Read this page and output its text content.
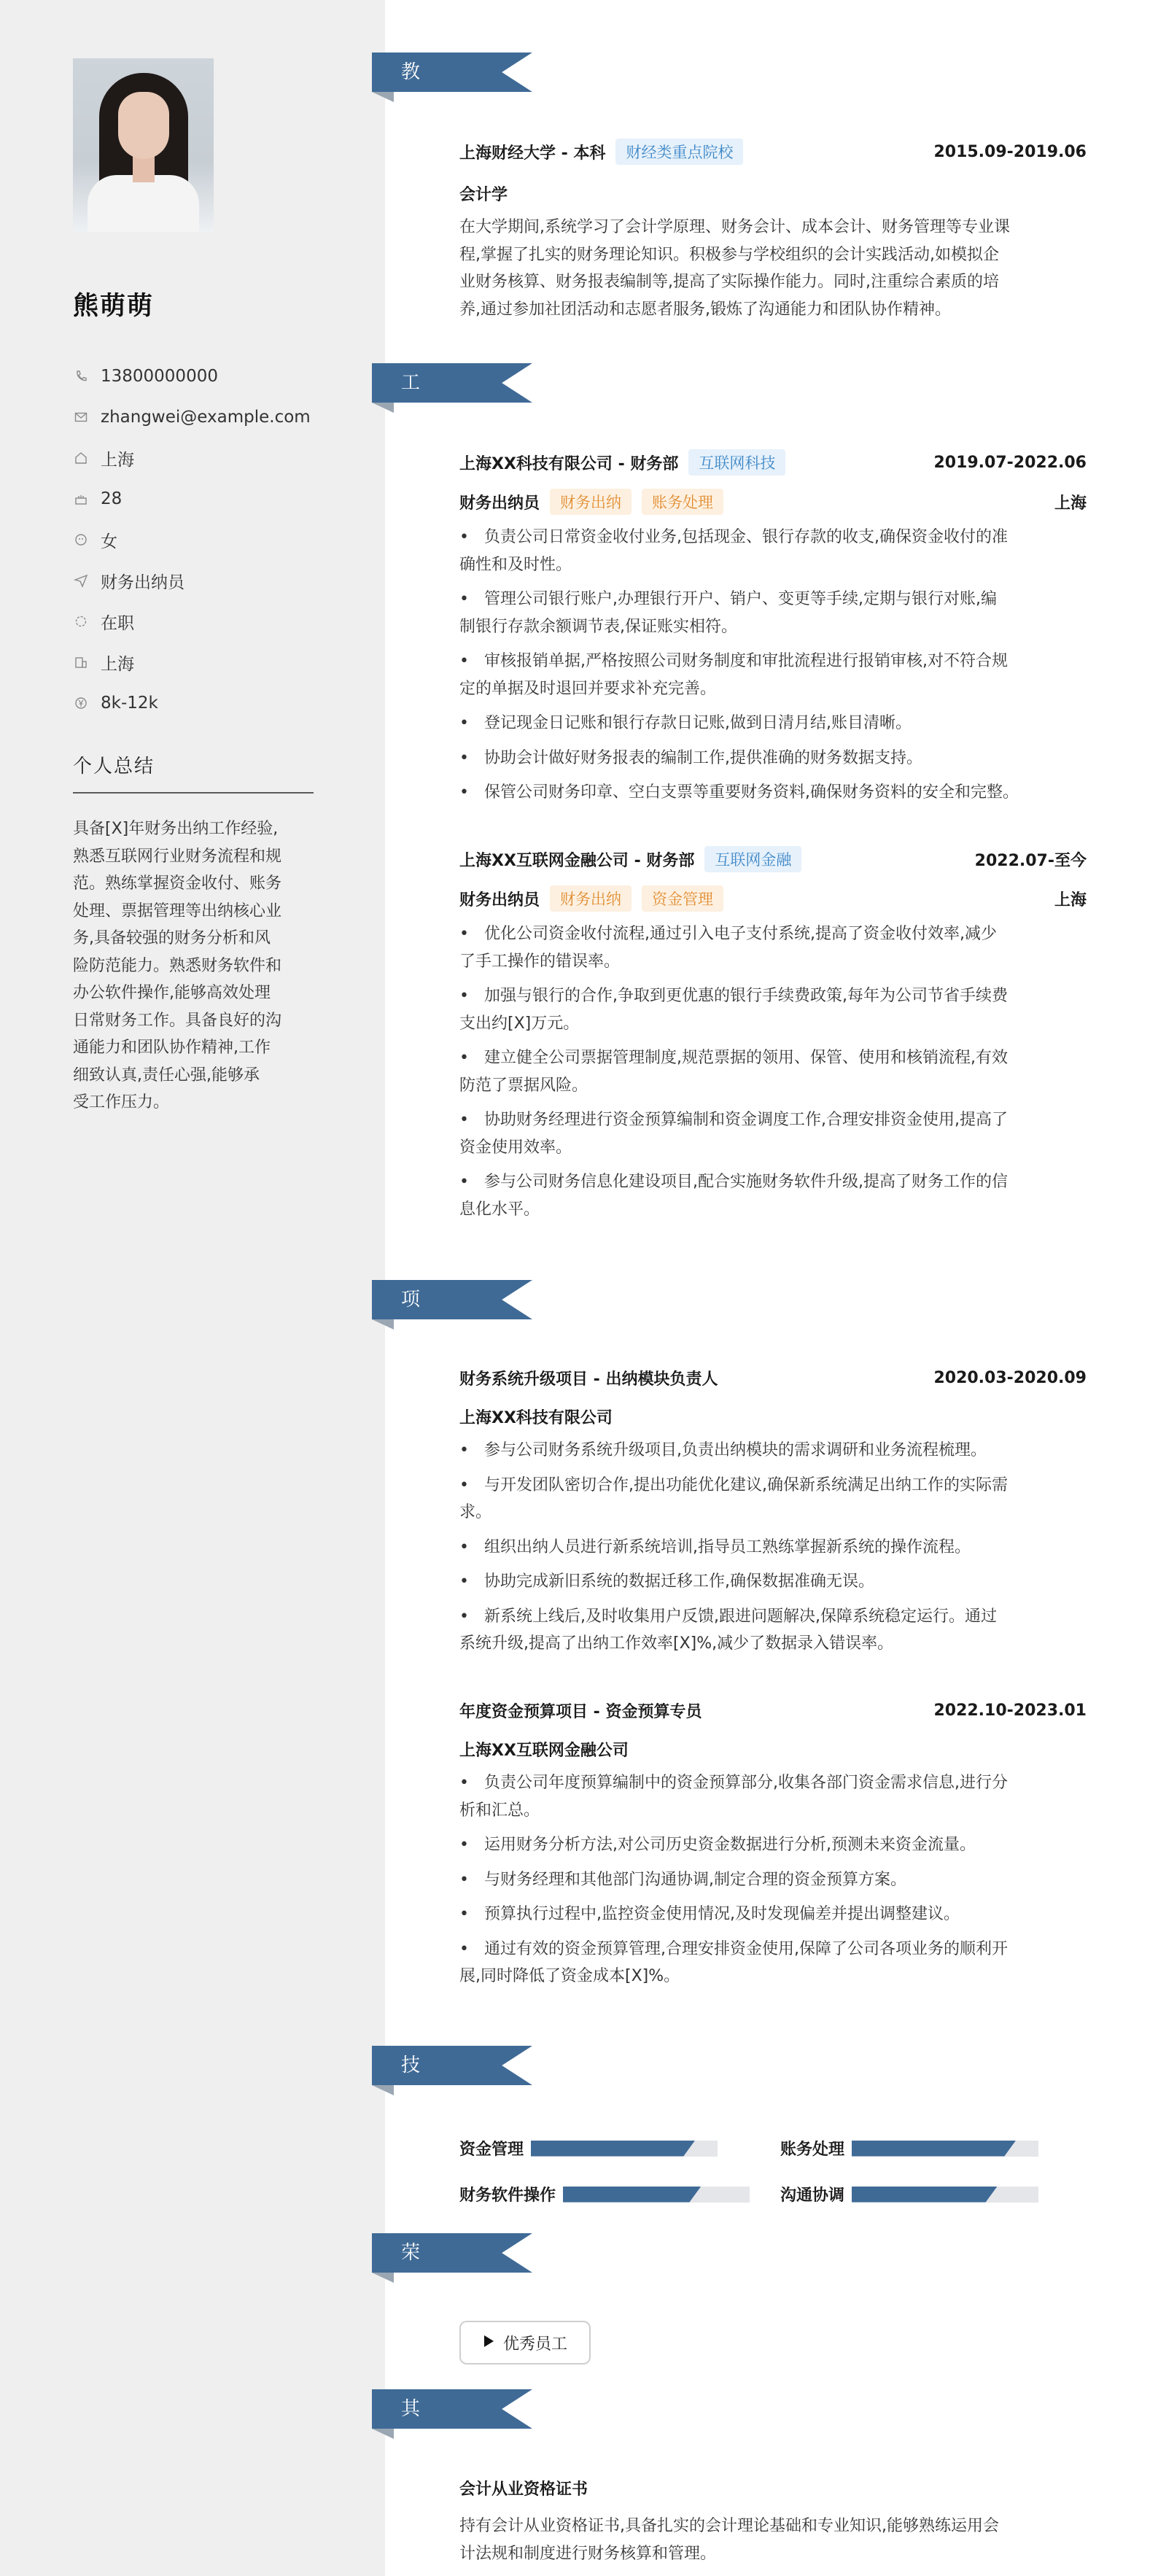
熊萌萌
13800000000
zhangwei@example.com
上海
28
女
财务出纳员
在职
上海
8k-12k
个人总结
具备[X]年财务出纳工作经验,
熟悉互联网行业财务流程和规
范。熟练掌握资金收付、账务
处理、票据管理等出纳核心业
务,具备较强的财务分析和风
险防范能力。熟悉财务软件和
办公软件操作,能够高效处理
日常财务工作。具备良好的沟
通能力和团队协作精神,工作
细致认真,责任心强,能够承
受工作压力。
教育经历
上海财经大学 - 本科	财经类重点院校	2015.09-2019.06
会计学
在大学期间,系统学习了会计学原理、财务会计、成本会计、财务管理等专业课
程,掌握了扎实的财务理论知识。积极参与学校组织的会计实践活动,如模拟企
业财务核算、财务报表编制等,提高了实际操作能力。同时,注重综合素质的培
养,通过参加社团活动和志愿者服务,锻炼了沟通能力和团队协作精神。
工作经历
上海XX科技有限公司 - 财务部	互联网科技	2019.07-2022.06
财务出纳员	财务出纳	账务处理	上海
• 负责公司日常资金收付业务,包括现金、银行存款的收支,确保资金收付的准
确性和及时性。
• 管理公司银行账户,办理银行开户、销户、变更等手续,定期与银行对账,编
制银行存款余额调节表,保证账实相符。
• 审核报销单据,严格按照公司财务制度和审批流程进行报销审核,对不符合规
定的单据及时退回并要求补充完善。
• 登记现金日记账和银行存款日记账,做到日清月结,账目清晰。
• 协助会计做好财务报表的编制工作,提供准确的财务数据支持。
• 保管公司财务印章、空白支票等重要财务资料,确保财务资料的安全和完整。
上海XX互联网金融公司 - 财务部	互联网金融	2022.07-至今
财务出纳员	财务出纳	资金管理	上海
• 优化公司资金收付流程,通过引入电子支付系统,提高了资金收付效率,减少
了手工操作的错误率。
• 加强与银行的合作,争取到更优惠的银行手续费政策,每年为公司节省手续费
支出约[X]万元。
• 建立健全公司票据管理制度,规范票据的领用、保管、使用和核销流程,有效
防范了票据风险。
• 协助财务经理进行资金预算编制和资金调度工作,合理安排资金使用,提高了
资金使用效率。
• 参与公司财务信息化建设项目,配合实施财务软件升级,提高了财务工作的信
息化水平。
项目经历
财务系统升级项目 - 出纳模块负责人	2020.03-2020.09
上海XX科技有限公司
• 参与公司财务系统升级项目,负责出纳模块的需求调研和业务流程梳理。
• 与开发团队密切合作,提出功能优化建议,确保新系统满足出纳工作的实际需
求。
• 组织出纳人员进行新系统培训,指导员工熟练掌握新系统的操作流程。
• 协助完成新旧系统的数据迁移工作,确保数据准确无误。
• 新系统上线后,及时收集用户反馈,跟进问题解决,保障系统稳定运行。通过
系统升级,提高了出纳工作效率[X]%,减少了数据录入错误率。
年度资金预算项目 - 资金预算专员	2022.10-2023.01
上海XX互联网金融公司
• 负责公司年度预算编制中的资金预算部分,收集各部门资金需求信息,进行分
析和汇总。
• 运用财务分析方法,对公司历史资金数据进行分析,预测未来资金流量。
• 与财务经理和其他部门沟通协调,制定合理的资金预算方案。
• 预算执行过程中,监控资金使用情况,及时发现偏差并提出调整建议。
• 通过有效的资金预算管理,合理安排资金使用,保障了公司各项业务的顺利开
展,同时降低了资金成本[X]%。
技能专长
资金管理	账务处理
财务软件操作	沟通协调
荣誉奖项
优秀员工
其他信息
会计从业资格证书
持有会计从业资格证书,具备扎实的会计理论基础和专业知识,能够熟练运用会
计法规和制度进行财务核算和管理。
